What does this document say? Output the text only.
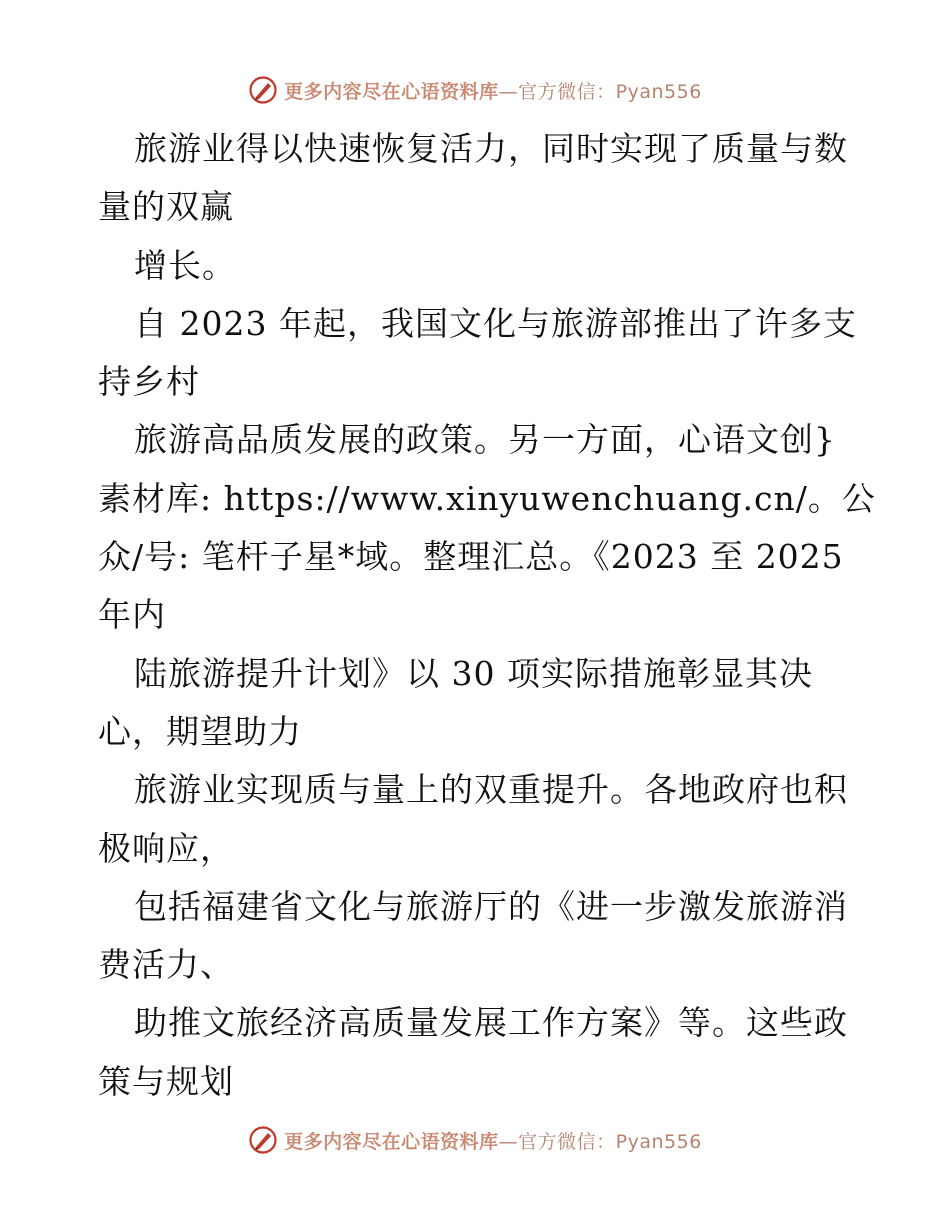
更多内容尽在心语资料库—官方微信：Pyan556
旅游业得以快速恢复活力，同时实现了质量与数
量的双赢
增长。
自 2023 年起，我国文化与旅游部推出了许多支
持乡村
旅游高品质发展的政策。另一方面，心语文创}
素材库: https://www.xinyuwenchuang.cn/。公
众/号: 笔杆子星*域。整理汇总。《2023 至 2025
年内
陆旅游提升计划》以 30 项实际措施彰显其决
心，期望助力
旅游业实现质与量上的双重提升。各地政府也积
极响应，
包括福建省文化与旅游厅的《进一步激发旅游消
费活力、
助推文旅经济高质量发展工作方案》等。这些政
策与规划
更多内容尽在心语资料库—官方微信：Pyan556
